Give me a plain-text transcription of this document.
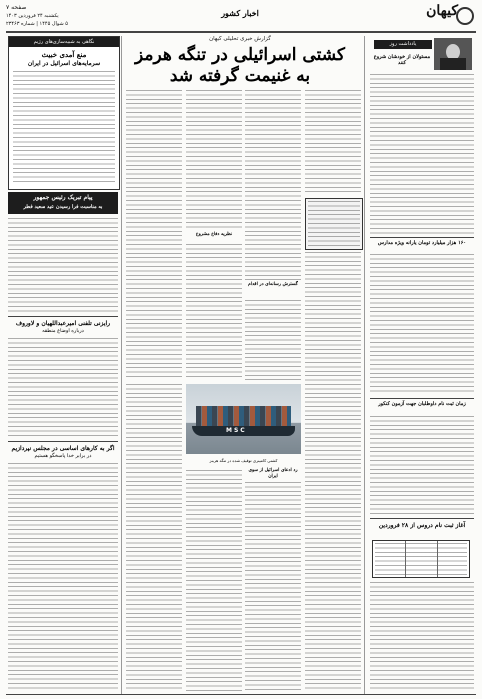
صفحه ۷
یکشنبه ۲۴ فروردین ۱۴۰۳
۵ شوال ۱۴۴۵ | شماره ۲۳۴۶۳
اخبار کشور	کیهان
یادداشت روز
مسئولان از خودشان شروع کنند
۱۶۰ هزار میلیارد تومان یارانه ویژه مدارس
زمان ثبت نام داوطلبان جهت آزمون کنکور
آغاز ثبت نام دروس از ۲۸ فروردین
گزارش خبری تحلیلی کیهان
کشتی اسرائیلی در تنگه هرمز
به غنیمت گرفته شد
گسترش رسانه‌ای در اقدام
نظریه دفاع مشروع
MSC
کشتی کانتینری توقیف شده در تنگه هرمز
رد ادعای اسرائیل از سوی ایران
نگاهی به شبیه‌سازی‌های رژیم
منع آمدی خبیث
سرمایه‌های اسرائیل در ایران
پیام تبریک رئیس جمهور
به مناسبت فرا رسیدن عید سعید فطر
رایزنی تلفنی امیرعبداللهیان و لاوروف
درباره اوضاع منطقه
اگر به کارهای اساسی در مجلس نپردازیم
در برابر خدا پاسخگو هستیم
